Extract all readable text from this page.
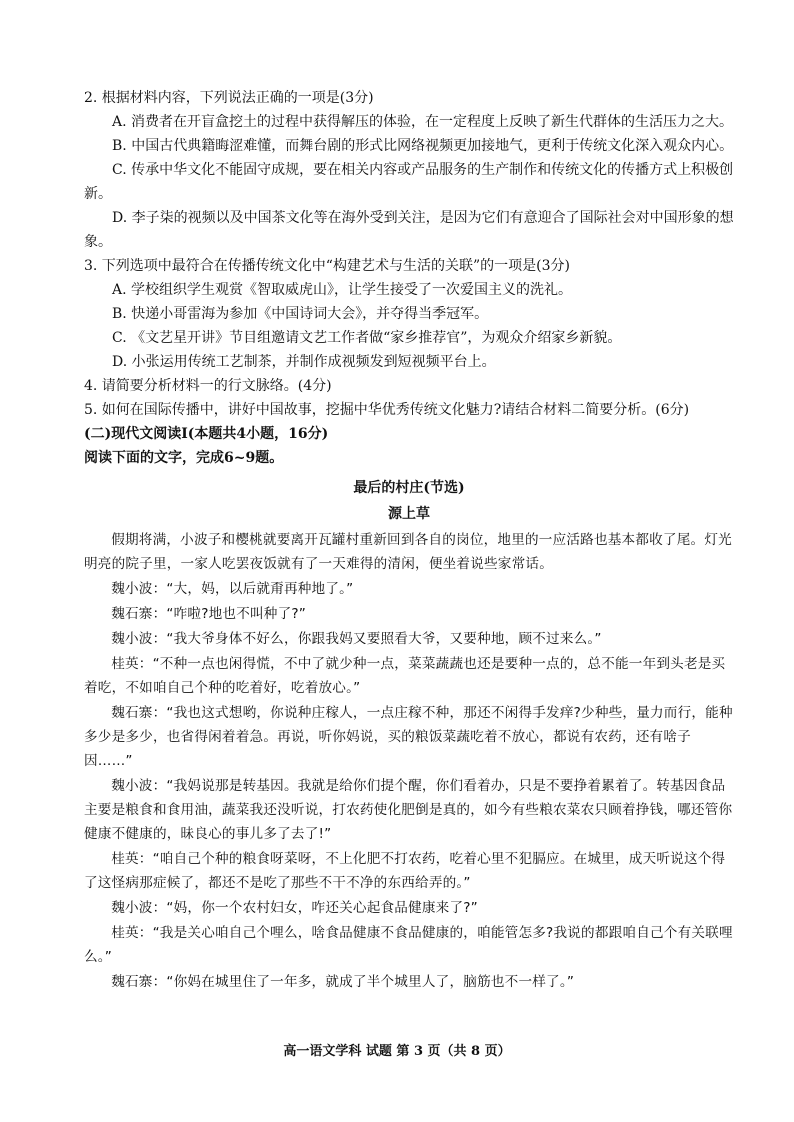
2. 根据材料内容，下列说法正确的一项是(3分)

A. 消费者在开盲盒挖土的过程中获得解压的体验，在一定程度上反映了新生代群体的生活压力之大。

B. 中国古代典籍晦涩难懂，而舞台剧的形式比网络视频更加接地气，更利于传统文化深入观众内心。

C. 传承中华文化不能固守成规，要在相关内容或产品服务的生产制作和传统文化的传播方式上积极创新。

D. 李子柒的视频以及中国茶文化等在海外受到关注，是因为它们有意迎合了国际社会对中国形象的想象。

3. 下列选项中最符合在传播传统文化中“构建艺术与生活的关联”的一项是(3分)

A. 学校组织学生观赏《智取威虎山》，让学生接受了一次爱国主义的洗礼。

B. 快递小哥雷海为参加《中国诗词大会》，并夺得当季冠军。

C. 《文艺星开讲》节目组邀请文艺工作者做“家乡推荐官”，为观众介绍家乡新貌。

D. 小张运用传统工艺制茶，并制作成视频发到短视频平台上。

4. 请简要分析材料一的行文脉络。(4分)

5. 如何在国际传播中，讲好中国故事，挖掘中华优秀传统文化魅力?请结合材料二简要分析。(6分)

(二)现代文阅读Ⅰ(本题共4小题，16分)

阅读下面的文字，完成6~9题。

最后的村庄(节选)
源上草

假期将满，小波子和樱桃就要离开瓦罐村重新回到各自的岗位，地里的一应活路也基本都收了尾。灯光明亮的院子里，一家人吃罢夜饭就有了一天难得的清闲，便坐着说些家常话。

魏小波：“大，妈，以后就甭再种地了。”

魏石寨：“咋啦?地也不叫种了?”

魏小波：“我大爷身体不好么，你跟我妈又要照看大爷，又要种地，顾不过来么。”

桂英：“不种一点也闲得慌，不中了就少种一点，菜菜蔬蔬也还是要种一点的，总不能一年到头老是买着吃，不如咱自己个种的吃着好，吃着放心。”

魏石寨：“我也这式想哟，你说种庄稼人，一点庄稼不种，那还不闲得手发痒?少种些，量力而行，能种多少是多少，也省得闲着着急。再说，听你妈说，买的粮饭菜蔬吃着不放心，都说有农药，还有啥子因……”

魏小波：“我妈说那是转基因。我就是给你们提个醒，你们看着办，只是不要挣着累着了。转基因食品主要是粮食和食用油，蔬菜我还没听说，打农药使化肥倒是真的，如今有些粮农菜农只顾着挣钱，哪还管你健康不健康的，昧良心的事儿多了去了!”

桂英：“咱自己个种的粮食呀菜呀，不上化肥不打农药，吃着心里不犯膈应。在城里，成天听说这个得了这怪病那症候了，都还不是吃了那些不干不净的东西给弄的。”

魏小波：“妈，你一个农村妇女，咋还关心起食品健康来了?”

桂英：“我是关心咱自己个哩么，啥食品健康不食品健康的，咱能管怎多?我说的都跟咱自己个有关联哩么。”

魏石寨：“你妈在城里住了一年多，就成了半个城里人了，脑筋也不一样了。”

高一语文学科 试题 第 3 页（共 8 页）
